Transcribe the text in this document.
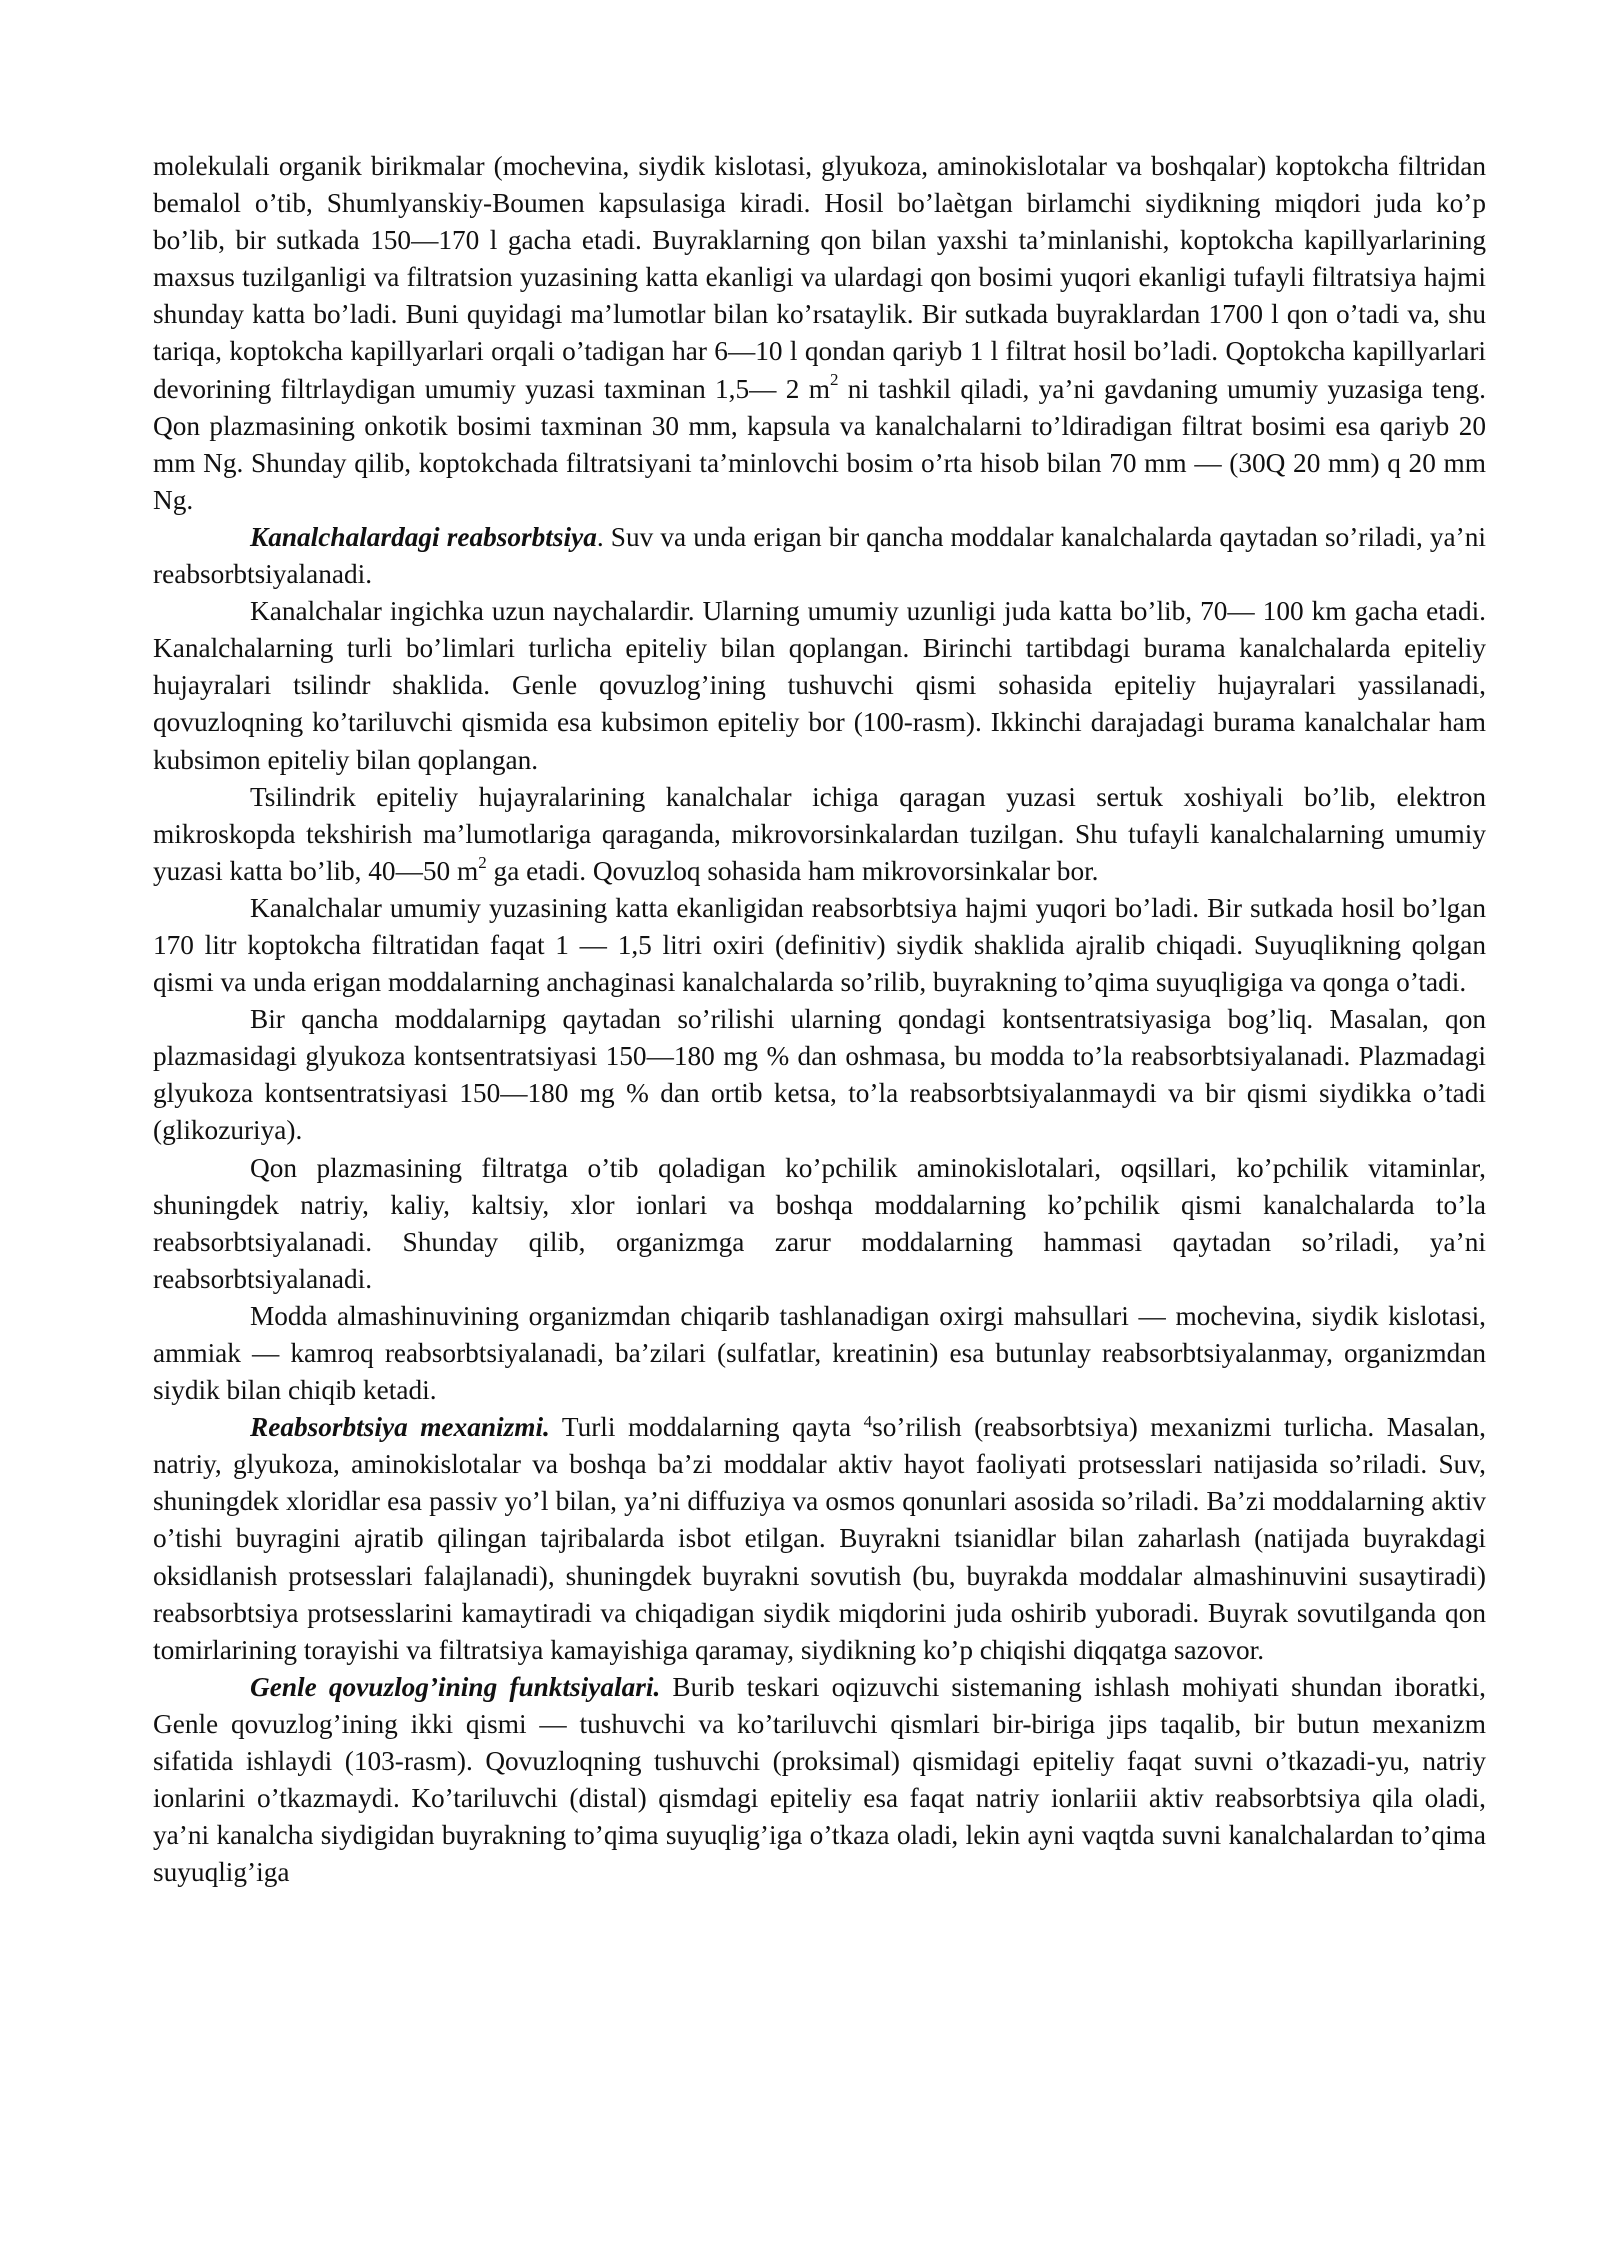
molekulali organik birikmalar (mochevina, siydik kislotasi, glyukoza, aminokislotalar va boshqalar) koptokcha filtridan bemalol o’tib, Shumlyanskiy-Boumen kapsulasiga kiradi. Hosil bo’laètgan birlamchi siydikning miqdori juda ko’p bo’lib, bir sutkada 150—170 l gacha etadi. Buyraklarning qon bilan yaxshi ta’minlanishi, koptokcha kapillyarlarining maxsus tuzilganligi va filtratsion yuzasining katta ekanligi va ulardagi qon bosimi yuqori ekanligi tufayli filtratsiya hajmi shunday katta bo’ladi. Buni quyidagi ma’lumotlar bilan ko’rsataylik. Bir sutkada buyraklardan 1700 l qon o’tadi va, shu tariqa, koptokcha kapillyarlari orqali o’tadigan har 6—10 l qondan qariyb 1 l filtrat hosil bo’ladi. Qoptokcha kapillyarlari devorining filtrlaydigan umumiy yuzasi taxminan 1,5— 2 $m^2$ ni tashkil qiladi, ya’ni gavdaning umumiy yuzasiga teng. Qon plazmasining onkotik bosimi taxminan 30 mm, kapsula va kanalchalarni to’ldiradigan filtrat bosimi esa qariyb 20 mm Ng. Shunday qilib, koptokchada filtratsiyani ta’minlovchi bosim o’rta hisob bilan 70 mm — (30Q 20 mm) q 20 mm Ng.

Kanalchalardagi reabsorbtsiya. Suv va unda erigan bir qancha moddalar kanalchalarda qaytadan so’riladi, ya’ni reabsorbtsiyalanadi.

Kanalchalar ingichka uzun naychalardir. Ularning umumiy uzunligi juda katta bo’lib, 70— 100 km gacha etadi. Kanalchalarning turli bo’limlari turlicha epiteliy bilan qoplangan. Birinchi tartibdagi burama kanalchalarda epiteliy hujayralari tsilindr shaklida. Genle qovuzlog’ining tushuvchi qismi sohasida epiteliy hujayralari yassilanadi, qovuzloqning ko’tariluvchi qismida esa kubsimon epiteliy bor (100-rasm). Ikkinchi darajadagi burama kanalchalar ham kubsimon epiteliy bilan qoplangan.

Tsilindrik epiteliy hujayralarining kanalchalar ichiga qaragan yuzasi sertuk xoshiyali bo’lib, elektron mikroskopda tekshirish ma’lumotlariga qaraganda, mikrovorsinkalardan tuzilgan. Shu tufayli kanalchalarning umumiy yuzasi katta bo’lib, 40—50 $m^2$ ga etadi. Qovuzloq sohasida ham mikrovorsinkalar bor.

Kanalchalar umumiy yuzasining katta ekanligidan reabsorbtsiya hajmi yuqori bo’ladi. Bir sutkada hosil bo’lgan 170 litr koptokcha filtratidan faqat 1 — 1,5 litri oxiri (definitiv) siydik shaklida ajralib chiqadi. Suyuqlikning qolgan qismi va unda erigan moddalarning anchaginasi kanalchalarda so’rilib, buyrakning to’qima suyuqligiga va qonga o’tadi.

Bir qancha moddalarnipg qaytadan so’rilishi ularning qondagi kontsentratsiyasiga bog’liq. Masalan, qon plazmasidagi glyukoza kontsentratsiyasi 150—180 mg % dan oshmasa, bu modda to’la reabsorbtsiyalanadi. Plazmadagi glyukoza kontsentratsiyasi 150—180 mg % dan ortib ketsa, to’la reabsorbtsiyalanmaydi va bir qismi siydikka o’tadi (glikozuriya).

Qon plazmasining filtratga o’tib qoladigan ko’pchilik aminokislotalari, oqsillari, ko’pchilik vitaminlar, shuningdek natriy, kaliy, kaltsiy, xlor ionlari va boshqa moddalarning ko’pchilik qismi kanalchalarda to’la reabsorbtsiyalanadi. Shunday qilib, organizmga zarur moddalarning hammasi qaytadan so’riladi, ya’ni reabsorbtsiyalanadi.

Modda almashinuvining organizmdan chiqarib tashlanadigan oxirgi mahsullari — mochevina, siydik kislotasi, ammiak — kamroq reabsorbtsiyalanadi, ba’zilari (sulfatlar, kreatinin) esa butunlay reabsorbtsiyalanmay, organizmdan siydik bilan chiqib ketadi.

Reabsorbtsiya mexanizmi. Turli moddalarning qayta $^4$so’rilish (reabsorbtsiya) mexanizmi turlicha. Masalan, natriy, glyukoza, aminokislotalar va boshqa ba’zi moddalar aktiv hayot faoliyati protsesslari natijasida so’riladi. Suv, shuningdek xloridlar esa passiv yo’l bilan, ya’ni diffuziya va osmos qonunlari asosida so’riladi. Ba’zi moddalarning aktiv o’tishi buyragini ajratib qilingan tajribalarda isbot etilgan. Buyrakni tsianidlar bilan zaharlash (natijada buyrakdagi oksidlanish protsesslari falajlanadi), shuningdek buyrakni sovutish (bu, buyrakda moddalar almashinuvini susaytiradi) reabsorbtsiya protsesslarini kamaytiradi va chiqadigan siydik miqdorini juda oshirib yuboradi. Buyrak sovutilganda qon tomirlarining torayishi va filtratsiya kamayishiga qaramay, siydikning ko’p chiqishi diqqatga sazovor.

Genle qovuzlog’ining funktsiyalari. Burib teskari oqizuvchi sistemaning ishlash mohiyati shundan iboratki, Genle qovuzlog’ining ikki qismi — tushuvchi va ko’tariluvchi qismlari bir-biriga jips taqalib, bir butun mexanizm sifatida ishlaydi (103-rasm). Qovuzloqning tushuvchi (proksimal) qismidagi epiteliy faqat suvni o’tkazadi-yu, natriy ionlarini o’tkazmaydi. Ko’tariluvchi (distal) qismdagi epiteliy esa faqat natriy ionlariii aktiv reabsorbtsiya qila oladi, ya’ni kanalcha siydigidan buyrakning to’qima suyuqlig’iga o’tkaza oladi, lekin ayni vaqtda suvni kanalchalardan to’qima suyuqlig’iga
